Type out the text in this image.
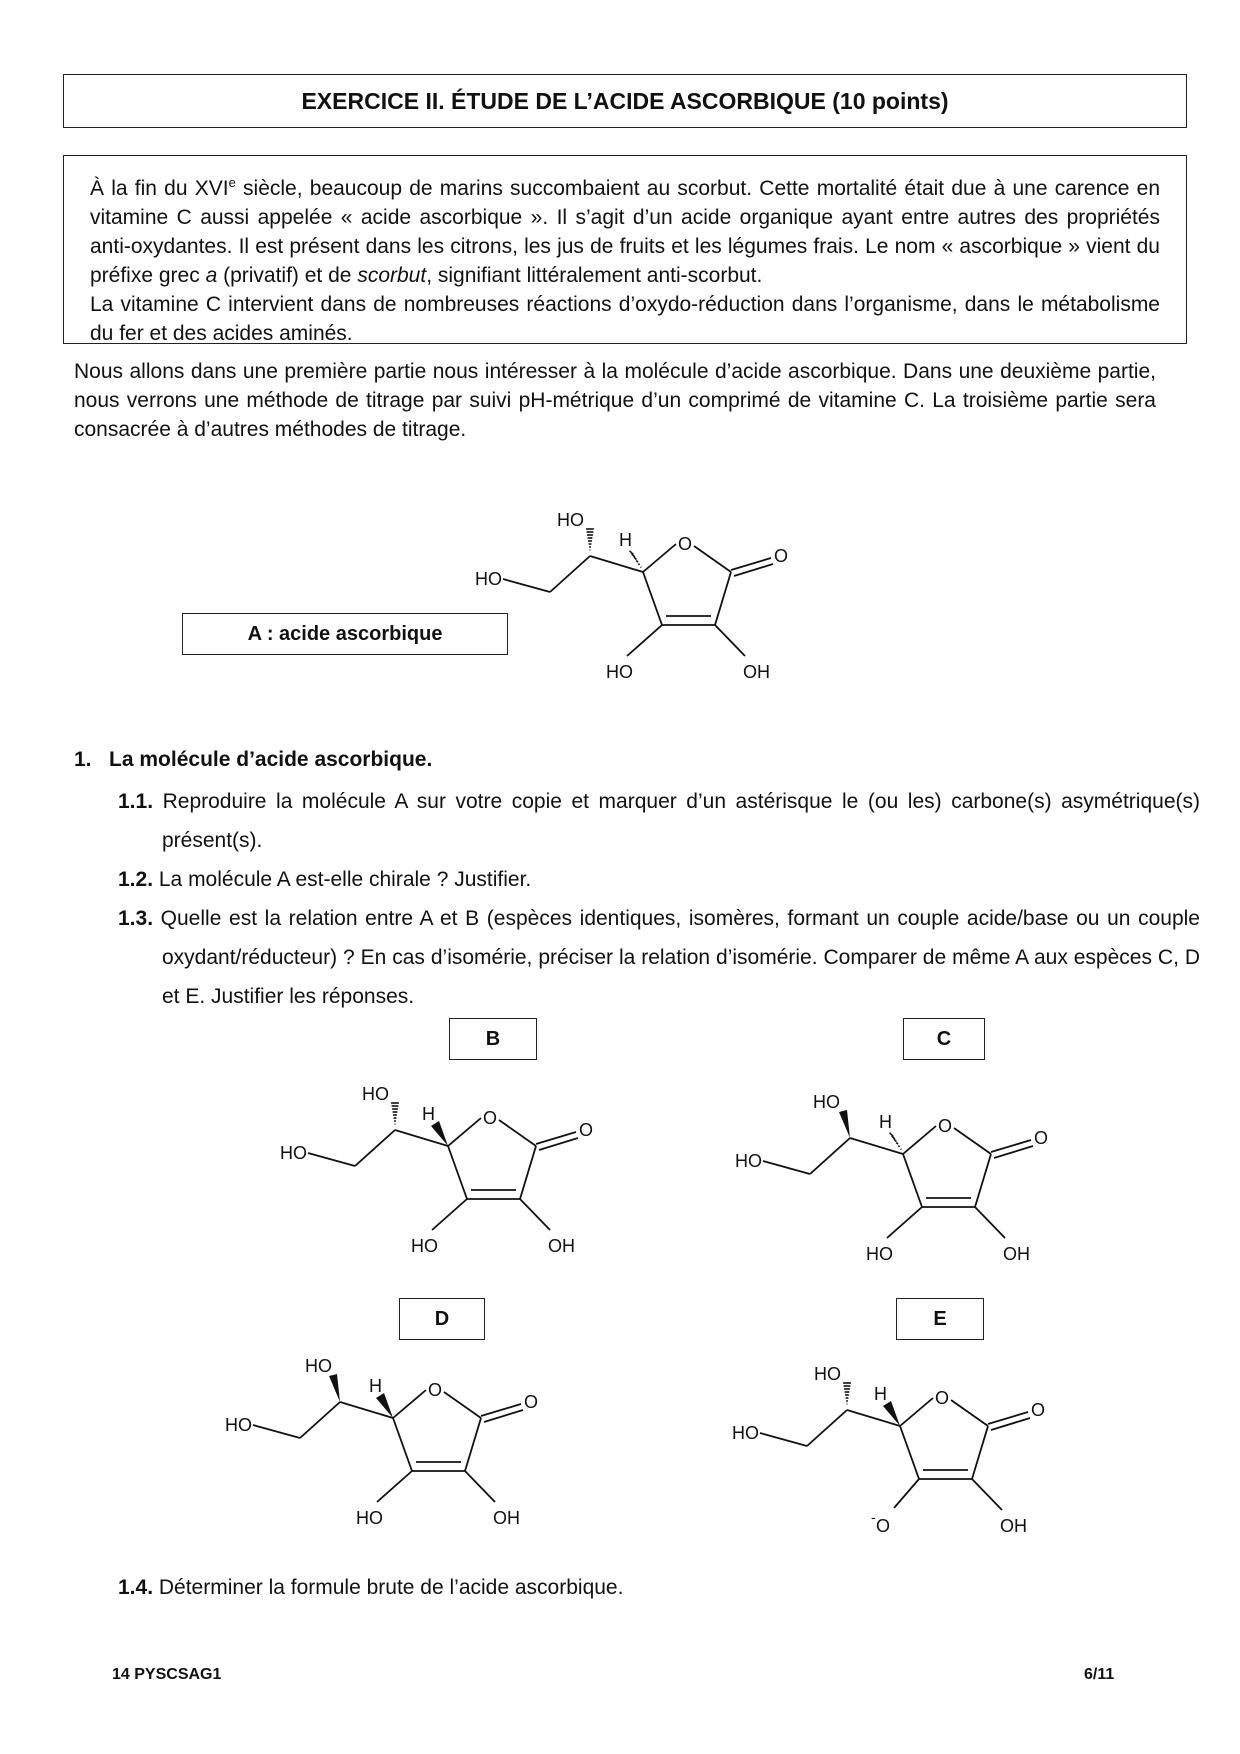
EXERCICE II. ÉTUDE DE L’ACIDE ASCORBIQUE (10 points)

À la fin du XVIe siècle, beaucoup de marins succombaient au scorbut. Cette mortalité était due à une carence en vitamine C aussi appelée « acide ascorbique ». Il s’agit d’un acide organique ayant entre autres des propriétés anti-oxydantes. Il est présent dans les citrons, les jus de fruits et les légumes frais. Le nom « ascorbique » vient du préfixe grec a (privatif) et de scorbut, signifiant littéralement anti-scorbut.

La vitamine C intervient dans de nombreuses réactions d’oxydo-réduction dans l’organisme, dans le métabolisme du fer et des acides aminés.

Nous allons dans une première partie nous intéresser à la molécule d’acide ascorbique. Dans une deuxième partie, nous verrons une méthode de titrage par suivi pH-métrique d’un comprimé de vitamine C. La troisième partie sera consacrée à d’autres méthodes de titrage.

A : acide ascorbique
HO
HO
H	O
O
HO	OH

1. La molécule d’acide ascorbique.

1.1. Reproduire la molécule A sur votre copie et marquer d’un astérisque le (ou les) carbone(s) asymétrique(s) présent(s).

1.2. La molécule A est-elle chirale ? Justifier.

1.3. Quelle est la relation entre A et B (espèces identiques, isomères, formant un couple acide/base ou un couple oxydant/réducteur) ? En cas d’isomérie, préciser la relation d’isomérie. Comparer de même A aux espèces C, D et E. Justifier les réponses.

B	C
D	E
HO
HO
H	O
O
HO	OH
HO
HO
H	O
O
HO	OH
HO
HO
H	O
O
HO	OH
HO
HO
H	O
O
- O	OH

1.4. Déterminer la formule brute de l’acide ascorbique.

14 PYSCSAG1	6/11
